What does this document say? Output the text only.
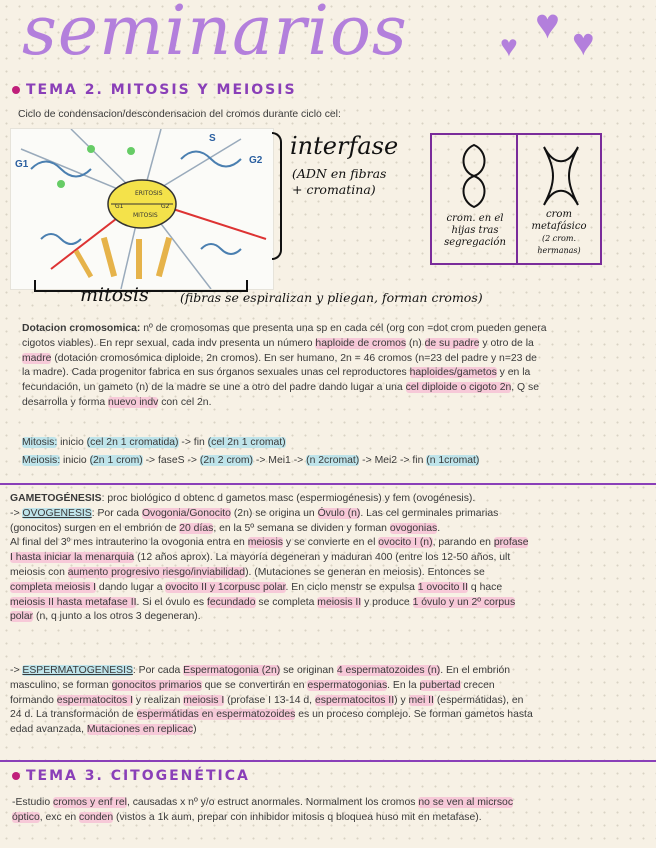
seminarios	♥ ♥ ♥
TEMA 2. MITOSIS Y MEIOSIS
Ciclo de condensacion/descondensacion del cromos durante ciclo cel:
ERITOSIS
MITOSIS
G1	G2
G1	G2
S	interfase
(ADN en fibras
+ cromatina)
crom. en el
hijas tras
segregación
crom
metafásico
(2 crom. hermanas)
mitosis	(fibras se espiralizan y pliegan, forman cromos)
Dotacion cromosomica: nº de cromosomas que presenta una sp en cada cél (org con =dot crom pueden genera
cigotos viables). En repr sexual, cada indv presenta un número haploide de cromos (n) de su padre y otro de la
madre (dotación cromosómica diploide, 2n cromos). En ser humano, 2n = 46 cromos (n=23 del padre y n=23 de
la madre). Cada progenitor fabrica en sus órganos sexuales unas cel reproductores haploides/gametos y en la
fecundación, un gameto (n) de la madre se une a otro del padre dando lugar a una cel diploide o cigoto 2n, Q se
desarrolla y forma nuevo indv con cel 2n.
Mitosis: inicio (cel 2n 1 cromatida) -> fin (cel 2n 1 cromat)
Meiosis: inicio (2n 1 crom) -> faseS -> (2n 2 crom) -> Mei1 -> (n 2cromat) -> Mei2 -> fin (n 1cromat)
GAMETOGÉNESIS: proc biológico d obtenc d gametos masc (espermiogénesis) y fem (ovogénesis).
-> OVOGENESIS: Por cada Ovogonia/Gonocito (2n) se origina un Óvulo (n). Las cel germinales primarias
(gonocitos) surgen en el embrión de 20 días, en la 5º semana se dividen y forman ovogonias.
Al final del 3º mes intrauterino la ovogonia entra en meiosis y se convierte en el ovocito I (n), parando en profase
I hasta iniciar la menarquia (12 años aprox). La mayoría degeneran y maduran 400 (entre los 12-50 años, ult
meiosis con aumento progresivo riesgo/inviabilidad). (Mutaciones se generan en meiosis). Entonces se
completa meiosis I dando lugar a ovocito II y 1corpusc polar. En ciclo menstr se expulsa 1 ovocito II q hace
meiosis II hasta metafase II. Si el óvulo es fecundado se completa meiosis II y produce 1 óvulo y un 2º corpus
polar (n, q junto a los otros 3 degeneran).
-> ESPERMATOGENESIS: Por cada Espermatogonia (2n) se originan 4 espermatozoides (n). En el embrión
masculino, se forman gonocitos primarios que se convertirán en espermatogonias. En la pubertad crecen
formando espermatocitos I y realizan meiosis I (profase I 13-14 d, espermatocitos II) y mei II (espermátidas), en
24 d. La transformación de espermátidas en espermatozoides es un proceso complejo. Se forman gametos hasta
edad avanzada, Mutaciones en replicac)
TEMA 3. CITOGENÉTICA
-Estudio cromos y enf rel, causadas x nº y/o estruct anormales. Normalment los cromos no se ven al micrsoc
óptico, exc en conden (vistos a 1k aum, prepar con inhibidor mitosis q bloquea huso mit en metafase).
